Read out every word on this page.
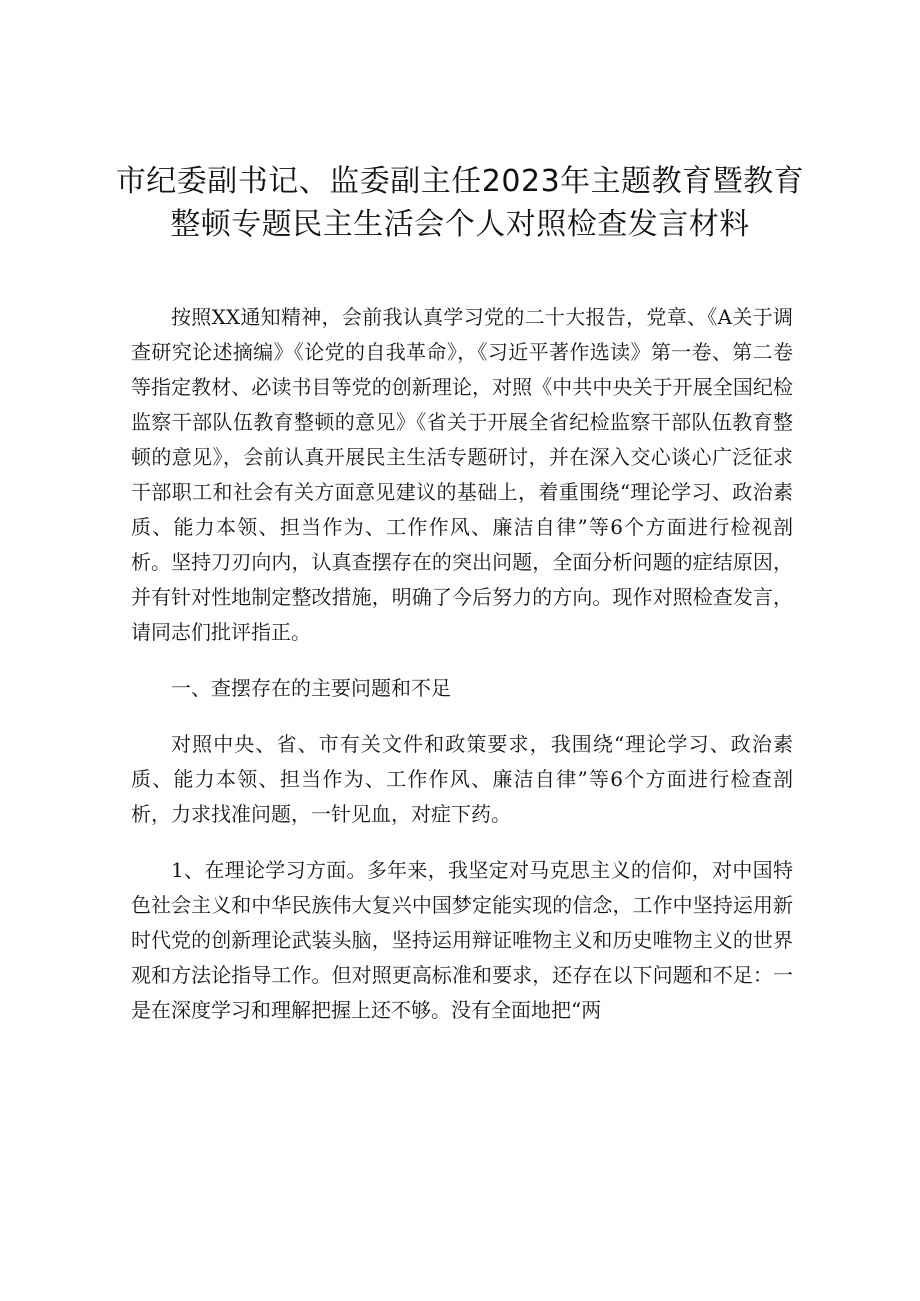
市纪委副书记、监委副主任2023年主题教育暨教育整顿专题民主生活会个人对照检查发言材料

按照XX通知精神，会前我认真学习党的二十大报告，党章、《A关于调查研究论述摘编》《论党的自我革命》，《习近平著作选读》第一卷、第二卷等指定教材、必读书目等党的创新理论，对照《中共中央关于开展全国纪检监察干部队伍教育整顿的意见》《省关于开展全省纪检监察干部队伍教育整顿的意见》，会前认真开展民主生活专题研讨，并在深入交心谈心广泛征求干部职工和社会有关方面意见建议的基础上，着重围绕“理论学习、政治素质、能力本领、担当作为、工作作风、廉洁自律”等6个方面进行检视剖析。坚持刀刃向内，认真查摆存在的突出问题，全面分析问题的症结原因，并有针对性地制定整改措施，明确了今后努力的方向。现作对照检查发言，请同志们批评指正。

一、查摆存在的主要问题和不足

对照中央、省、市有关文件和政策要求，我围绕“理论学习、政治素质、能力本领、担当作为、工作作风、廉洁自律”等6个方面进行检查剖析，力求找准问题，一针见血，对症下药。

1、在理论学习方面。多年来，我坚定对马克思主义的信仰，对中国特色社会主义和中华民族伟大复兴中国梦定能实现的信念，工作中坚持运用新时代党的创新理论武装头脑，坚持运用辩证唯物主义和历史唯物主义的世界观和方法论指导工作。但对照更高标准和要求，还存在以下问题和不足：一是在深度学习和理解把握上还不够。没有全面地把“两
